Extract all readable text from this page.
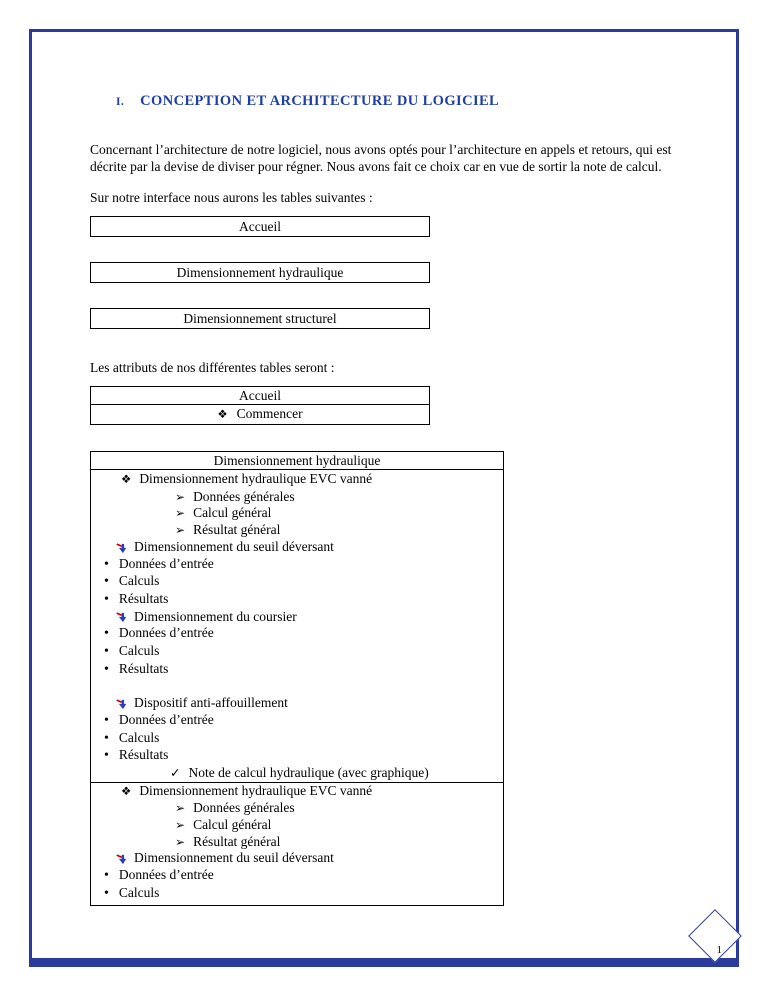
I. CONCEPTION ET ARCHITECTURE DU LOGICIEL

Concernant l’architecture de notre logiciel, nous avons optés pour l’architecture en appels et retours, qui est décrite par la devise de diviser pour régner. Nous avons fait ce choix car en vue de sortir la note de calcul.

Sur notre interface nous aurons les tables suivantes :

Accueil
Dimensionnement hydraulique
Dimensionnement structurel

Les attributs de nos différentes tables seront :

Accueil
❖ Commencer
Dimensionnement hydraulique
❖ Dimensionnement hydraulique EVC vanné
➢ Données générales
➢ Calcul général
➢ Résultat général
Dimensionnement du seuil déversant
• Données d’entrée
• Calculs
• Résultats
Dimensionnement du coursier
• Données d’entrée
• Calculs
• Résultats
Dispositif anti-affouillement
• Données d’entrée
• Calculs
• Résultats
✓ Note de calcul hydraulique (avec graphique)
❖ Dimensionnement hydraulique EVC vanné
➢ Données générales
➢ Calcul général
➢ Résultat général
Dimensionnement du seuil déversant
• Données d’entrée
• Calculs
1
